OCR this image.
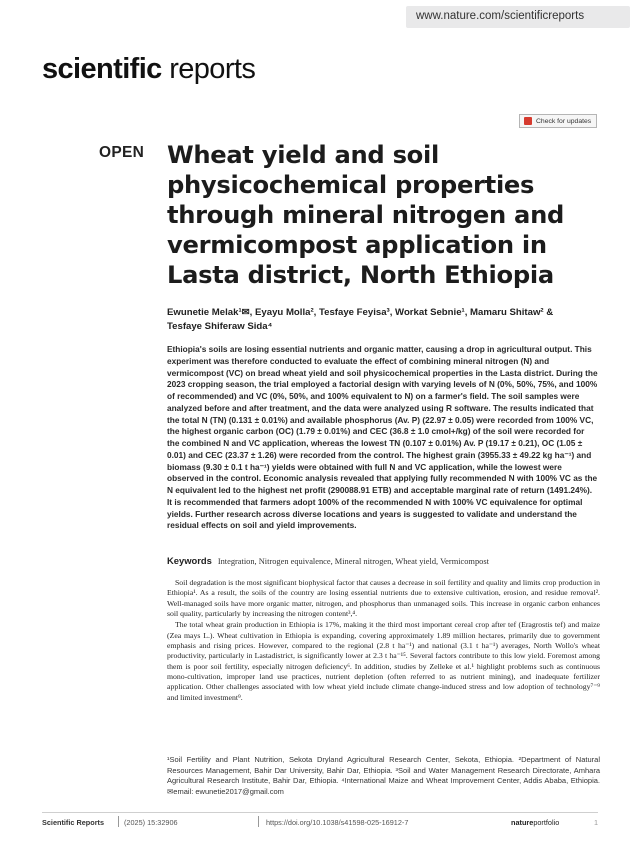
www.nature.com/scientificreports
scientific reports
Check for updates
OPEN Wheat yield and soil physicochemical properties through mineral nitrogen and vermicompost application in Lasta district, North Ethiopia
Ewunetie Melak¹✉, Eyayu Molla², Tesfaye Feyisa³, Workat Sebnie¹, Mamaru Shitaw² &
Tesfaye Shiferaw Sida⁴

Ethiopia's soils are losing essential nutrients and organic matter, causing a drop in agricultural output. This experiment was therefore conducted to evaluate the effect of combining mineral nitrogen (N) and vermicompost (VC) on bread wheat yield and soil physicochemical properties in the Lasta district. During the 2023 cropping season, the trial employed a factorial design with varying levels of N (0%, 50%, 75%, and 100% of recommended) and VC (0%, 50%, and 100% equivalent to N) on a farmer's field. The soil samples were analyzed before and after treatment, and the data were analyzed using R software. The results indicated that the total N (TN) (0.131 ± 0.01%) and available phosphorus (Av. P) (22.97 ± 0.05) were recorded from 100% VC, the highest organic carbon (OC) (1.79 ± 0.01%) and CEC (36.8 ± 1.0 cmol+/kg) of the soil were recorded for the combined N and VC application, whereas the lowest TN (0.107 ± 0.01%) Av. P (19.17 ± 0.21), OC (1.05 ± 0.01) and CEC (23.37 ± 1.26) were recorded from the control. The highest grain (3955.33 ± 49.22 kg ha⁻¹) and biomass (9.30 ± 0.1 t ha⁻¹) yields were obtained with full N and VC application, while the lowest were observed in the control. Economic analysis revealed that applying fully recommended N with 100% VC as the N equivalent led to the highest net profit (290088.91 ETB) and acceptable marginal rate of return (1491.24%). It is recommended that farmers adopt 100% of the recommended N with 100% VC equivalence for optimal yields. Further research across diverse locations and years is suggested to validate and understand the residual effects on soil and yield improvements.

Keywords Integration, Nitrogen equivalence, Mineral nitrogen, Wheat yield, Vermicompost

Soil degradation is the most significant biophysical factor that causes a decrease in soil fertility and quality and limits crop production in Ethiopia¹. As a result, the soils of the country are losing essential nutrients due to extensive cultivation, erosion, and residue removal². Well-managed soils have more organic matter, nitrogen, and phosphorus than unmanaged soils. This increase in organic carbon enhances soil quality, particularly by increasing the nitrogen content³,⁴.

The total wheat grain production in Ethiopia is 17%, making it the third most important cereal crop after tef (Eragrostis tef) and maize (Zea mays L.). Wheat cultivation in Ethiopia is expanding, covering approximately 1.89 million hectares, primarily due to government emphasis and rising prices. However, compared to the regional (2.8 t ha⁻¹) and national (3.1 t ha⁻¹) averages, North Wollo's wheat productivity, particularly in Lastadistrict, is significantly lower at 2.3 t ha⁻¹⁵. Several factors contribute to this low yield. Foremost among them is poor soil fertility, especially nitrogen deficiency⁶. In addition, studies by Zelleke et al.¹ highlight problems such as continuous mono-cultivation, improper land use practices, nutrient depletion (often referred to as nutrient mining), and inadequate fertilizer application. Other challenges associated with low wheat yield include climate change-induced stress and low adoption of technology⁷⁻⁹ and limited investment⁹.

¹Soil Fertility and Plant Nutrition, Sekota Dryland Agricultural Research Center, Sekota, Ethiopia. ²Department of Natural Resources Management, Bahir Dar University, Bahir Dar, Ethiopia. ³Soil and Water Management Research Directorate, Amhara Agricultural Research Institute, Bahir Dar, Ethiopia. ⁴International Maize and Wheat Improvement Center, Addis Ababa, Ethiopia. ✉email: ewunetie2017@gmail.com
Scientific Reports	(2025) 15:32906	https://doi.org/10.1038/s41598-025-16912-7	natureportfolio	1
